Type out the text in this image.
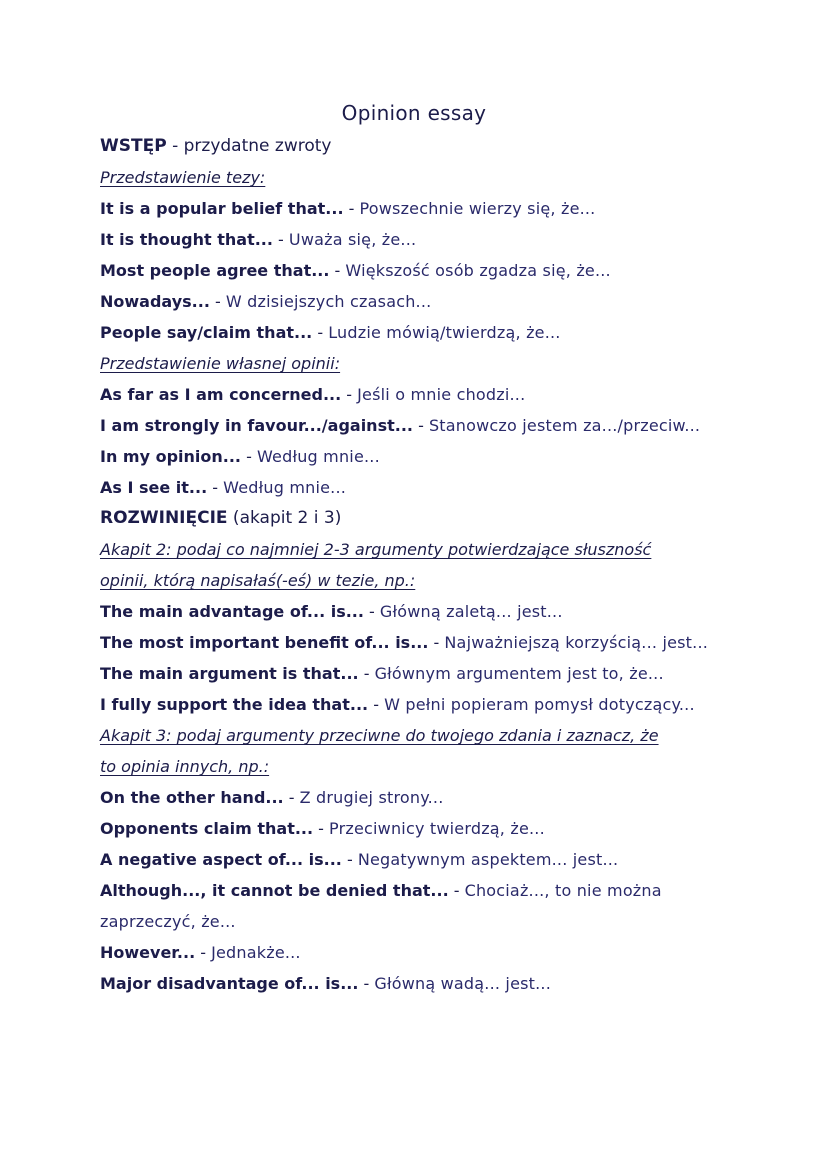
Opinion essay
WSTĘP - przydatne zwroty
Przedstawienie tezy:
It is a popular belief that... - Powszechnie wierzy się, że...
It is thought that... - Uważa się, że...
Most people agree that... - Większość osób zgadza się, że...
Nowadays... - W dzisiejszych czasach...
People say/claim that... - Ludzie mówią/twierdzą, że...
Przedstawienie własnej opinii:
As far as I am concerned... - Jeśli o mnie chodzi...
I am strongly in favour.../against... - Stanowczo jestem za.../przeciw...
In my opinion... - Według mnie...
As I see it... - Według mnie...
ROZWINIĘCIE (akapit 2 i 3)
Akapit 2: podaj co najmniej 2-3 argumenty potwierdzające słuszność
opinii, którą napisałaś(-eś) w tezie, np.:
The main advantage of... is... - Główną zaletą... jest...
The most important benefit of... is... - Najważniejszą korzyścią... jest...
The main argument is that... - Głównym argumentem jest to, że...
I fully support the idea that... - W pełni popieram pomysł dotyczący...
Akapit 3: podaj argumenty przeciwne do twojego zdania i zaznacz, że
to opinia innych, np.:
On the other hand... - Z drugiej strony...
Opponents claim that... - Przeciwnicy twierdzą, że...
A negative aspect of... is... - Negatywnym aspektem... jest...
Although..., it cannot be denied that... - Chociaż..., to nie można
zaprzeczyć, że...
However... - Jednakże...
Major disadvantage of... is... - Główną wadą... jest...
